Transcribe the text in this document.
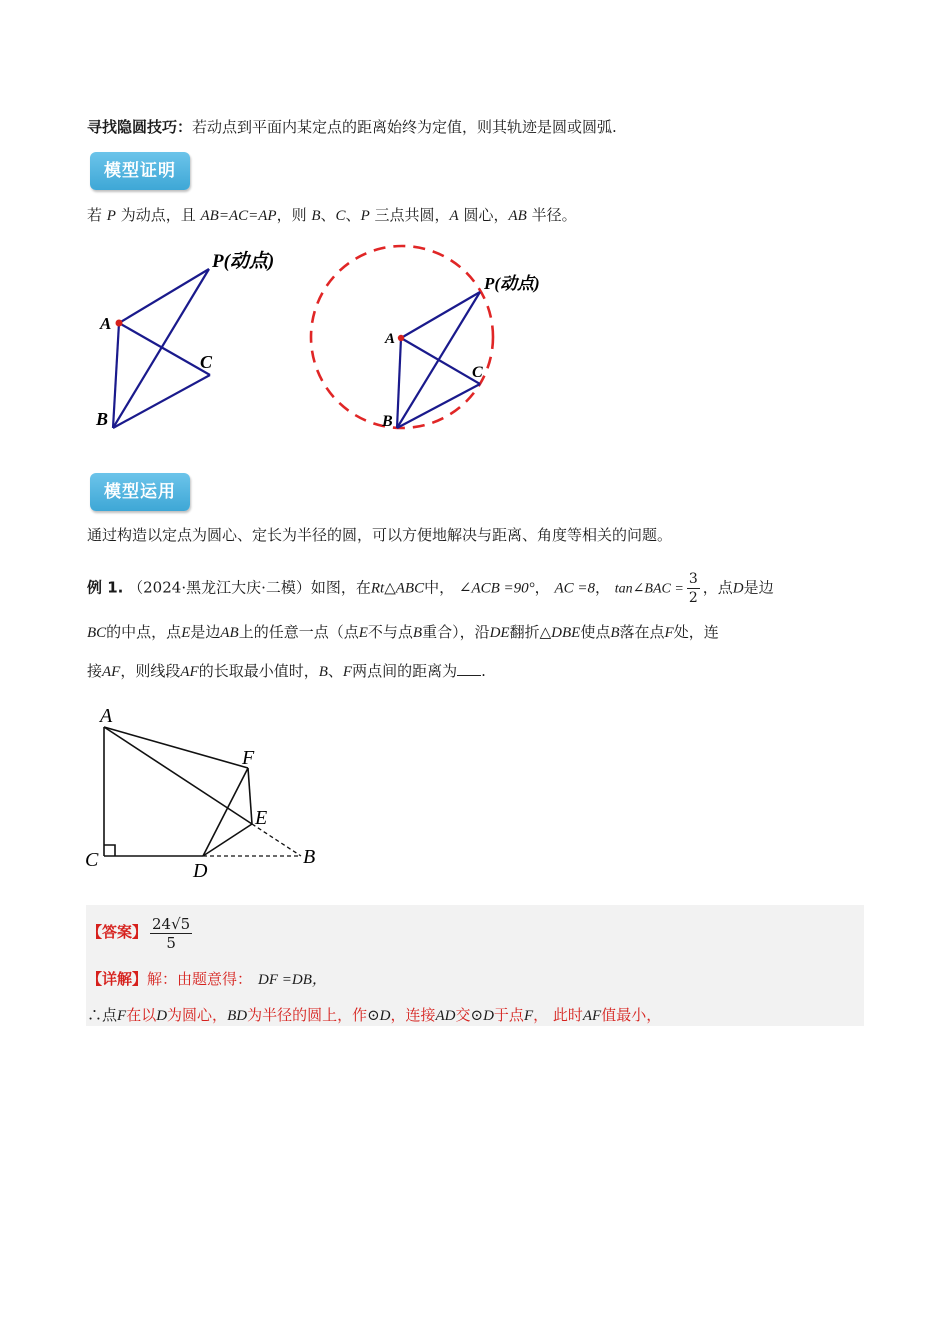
寻找隐圆技巧：若动点到平面内某定点的距离始终为定值，则其轨迹是圆或圆弧.
模型证明
若 P 为动点，且 AB=AC=AP，则 B、C、P 三点共圆，A 圆心，AB 半径。
P(动点)
A
C
B
P(动点)
A
C
B
模型运用
通过构造以定点为圆心、定长为半径的圆，可以方便地解决与距离、角度等相关的问题。
例 1. （2024·黑龙江大庆·二模）如图，在Rt△ABC中， ∠ACB =90°， AC =8， tan∠BAC = $\frac{3}{2}$ ，点D是边
BC的中点，点E是边AB上的任意一点（点E不与点B重合），沿DE翻折△DBE使点B落在点F处，连
接AF，则线段AF的长取最小值时，B、F两点间的距离为 .
A
F
E
C	D
B
【答案】 $\frac{24√5}{5}$
【详解】解：由题意得： DF =DB，
∴点F在以D为圆心，BD为半径的圆上，作⊙D，连接AD交⊙D于点F， 此时AF值最小，
